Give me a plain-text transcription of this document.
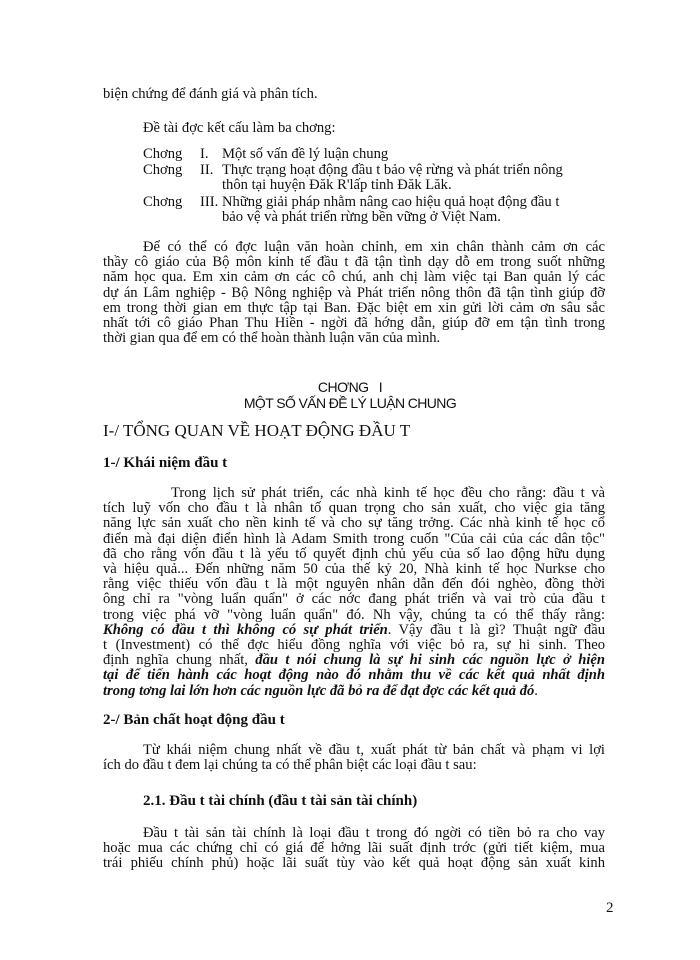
biện chứng để đánh giá và phân tích.
Đề tài đợc kết cấu làm ba chơng:
Chơng I. Một số vấn đề lý luận chung
Chơng II. Thực trạng hoạt động đầu t bảo vệ rừng và phát triển nông
thôn tại huyện Đăk R'lấp tỉnh Đăk Lăk.
Chơng III. Những giải pháp nhằm nâng cao hiệu quả hoạt động đầu t
bảo vệ và phát triển rừng bền vững ở Việt Nam.
Để có thể có đợc luận văn hoàn chỉnh, em xin chân thành cảm ơn các
thầy cô giáo của Bộ môn kinh tế đầu t đã tận tình dạy dỗ em trong suốt những
năm học qua. Em xin cảm ơn các cô chú, anh chị làm việc tại Ban quản lý các
dự án Lâm nghiệp - Bộ Nông nghiệp và Phát triển nông thôn đã tận tình giúp đỡ
em trong thời gian em thực tập tại Ban. Đặc biệt em xin gửi lời cảm ơn sâu sắc
nhất tới cô giáo Phan Thu Hiền - ngời đã hớng dẫn, giúp đỡ em tận tình trong
thời gian qua để em có thể hoàn thành luận văn của mình.
CHƠNG I
MỘT SỐ VẤN ĐỀ LÝ LUẬN CHUNG
I-/ TỔNG QUAN VỀ HOẠT ĐỘNG ĐẦU T
1-/ Khái niệm đầu t
Trong lịch sử phát triển, các nhà kinh tế học đều cho rằng: đầu t và
tích luỹ vốn cho đầu t là nhân tố quan trọng cho sản xuất, cho việc gia tăng
năng lực sản xuất cho nền kinh tế và cho sự tăng trởng. Các nhà kinh tế học cổ
điển mà đại diện điển hình là Adam Smith trong cuốn "Của cải của các dân tộc"
đã cho rằng vốn đầu t là yếu tố quyết định chủ yếu của số lao động hữu dụng
và hiệu quả... Đến những năm 50 của thế kỷ 20, Nhà kinh tế học Nurkse cho
rằng việc thiếu vốn đầu t là một nguyên nhân dẫn đến đói nghèo, đồng thời
ông chỉ ra "vòng luẩn quẩn" ở các nớc đang phát triển và vai trò của đầu t
trong việc phá vỡ "vòng luẩn quẩn" đó. Nh vậy, chúng ta có thể thấy rằng:
Không có đầu t thì không có sự phát triển. Vậy đầu t là gì? Thuật ngữ đầu
t (Investment) có thể đợc hiểu đồng nghĩa với việc bỏ ra, sự hi sinh. Theo
định nghĩa chung nhất, đầu t nói chung là sự hi sinh các nguồn lực ở hiện
tại để tiến hành các hoạt động nào đó nhằm thu về các kết quả nhất định
trong tơng lai lớn hơn các nguồn lực đã bỏ ra để đạt đợc các kết quả đó.
2-/ Bản chất hoạt động đầu t
Từ khái niệm chung nhất về đầu t, xuất phát từ bản chất và phạm vi lợi
ích do đầu t đem lại chúng ta có thể phân biệt các loại đầu t sau:
2.1. Đầu t tài chính (đầu t tài sản tài chính)
Đầu t tài sản tài chính là loại đầu t trong đó ngời có tiền bỏ ra cho vay
hoặc mua các chứng chỉ có giá để hởng lãi suất định trớc (gửi tiết kiệm, mua
trái phiếu chính phủ) hoặc lãi suất tùy vào kết quả hoạt động sản xuất kinh
2
